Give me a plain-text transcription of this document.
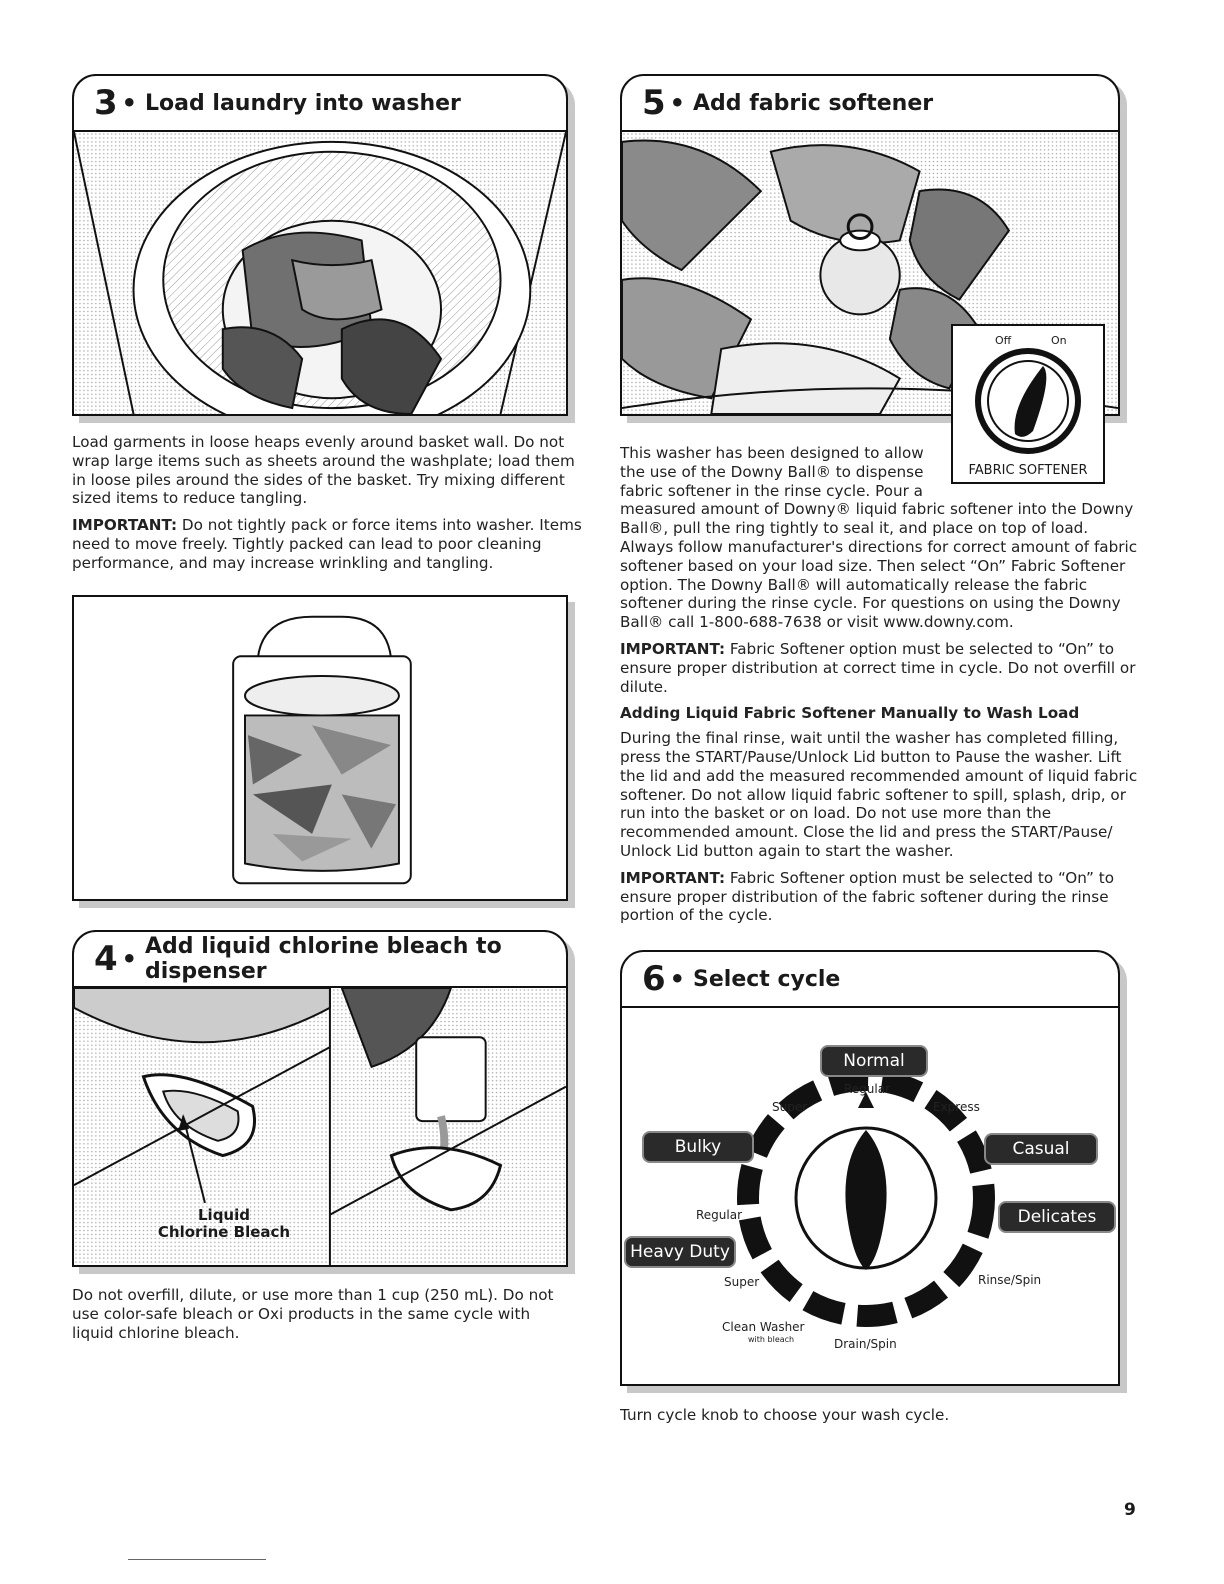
3 • Load laundry into washer

Load garments in loose heaps evenly around basket wall. Do not wrap large items such as sheets around the washplate; load them in loose piles around the sides of the basket. Try mixing different sized items to reduce tangling.

IMPORTANT: Do not tightly pack or force items into washer. Items need to move freely. Tightly packed can lead to poor cleaning performance, and may increase wrinkling and tangling.

4 • Add liquid chlorine bleach to dispenser
Liquid
Chlorine Bleach

Do not overfill, dilute, or use more than 1 cup (250 mL). Do not use color-safe bleach or Oxi products in the same cycle with liquid chlorine bleach.

5 • Add fabric softener
Off	On
FABRIC SOFTENER

This washer has been designed to allow the use of the Downy Ball® to dispense fabric softener in the rinse cycle. Pour a measured amount of Downy® liquid fabric softener into the Downy Ball®, pull the ring tightly to seal it, and place on top of load. Always follow manufacturer's directions for correct amount of fabric softener based on your load size. Then select “On” Fabric Softener option. The Downy Ball® will automatically release the fabric softener during the rinse cycle. For questions on using the Downy Ball® call 1-800-688-7638 or visit www.downy.com.

IMPORTANT: Fabric Softener option must be selected to “On” to ensure proper distribution at correct time in cycle. Do not overfill or dilute.

Adding Liquid Fabric Softener Manually to Wash Load

During the final rinse, wait until the washer has completed filling, press the START/Pause/Unlock Lid button to Pause the washer. Lift the lid and add the measured recommended amount of liquid fabric softener. Do not allow liquid fabric softener to spill, splash, drip, or run into the basket or on load. Do not use more than the recommended amount. Close the lid and press the START/Pause/ Unlock Lid button again to start the washer.

IMPORTANT: Fabric Softener option must be selected to “On” to ensure proper distribution of the fabric softener during the rinse portion of the cycle.

6 • Select cycle
Normal
Bulky
Heavy Duty
Casual
Delicates
Regular
Super	Express
Regular
Super	Rinse/Spin
Clean Washer
with bleach	Drain/Spin
Turn cycle knob to choose your wash cycle.
9
